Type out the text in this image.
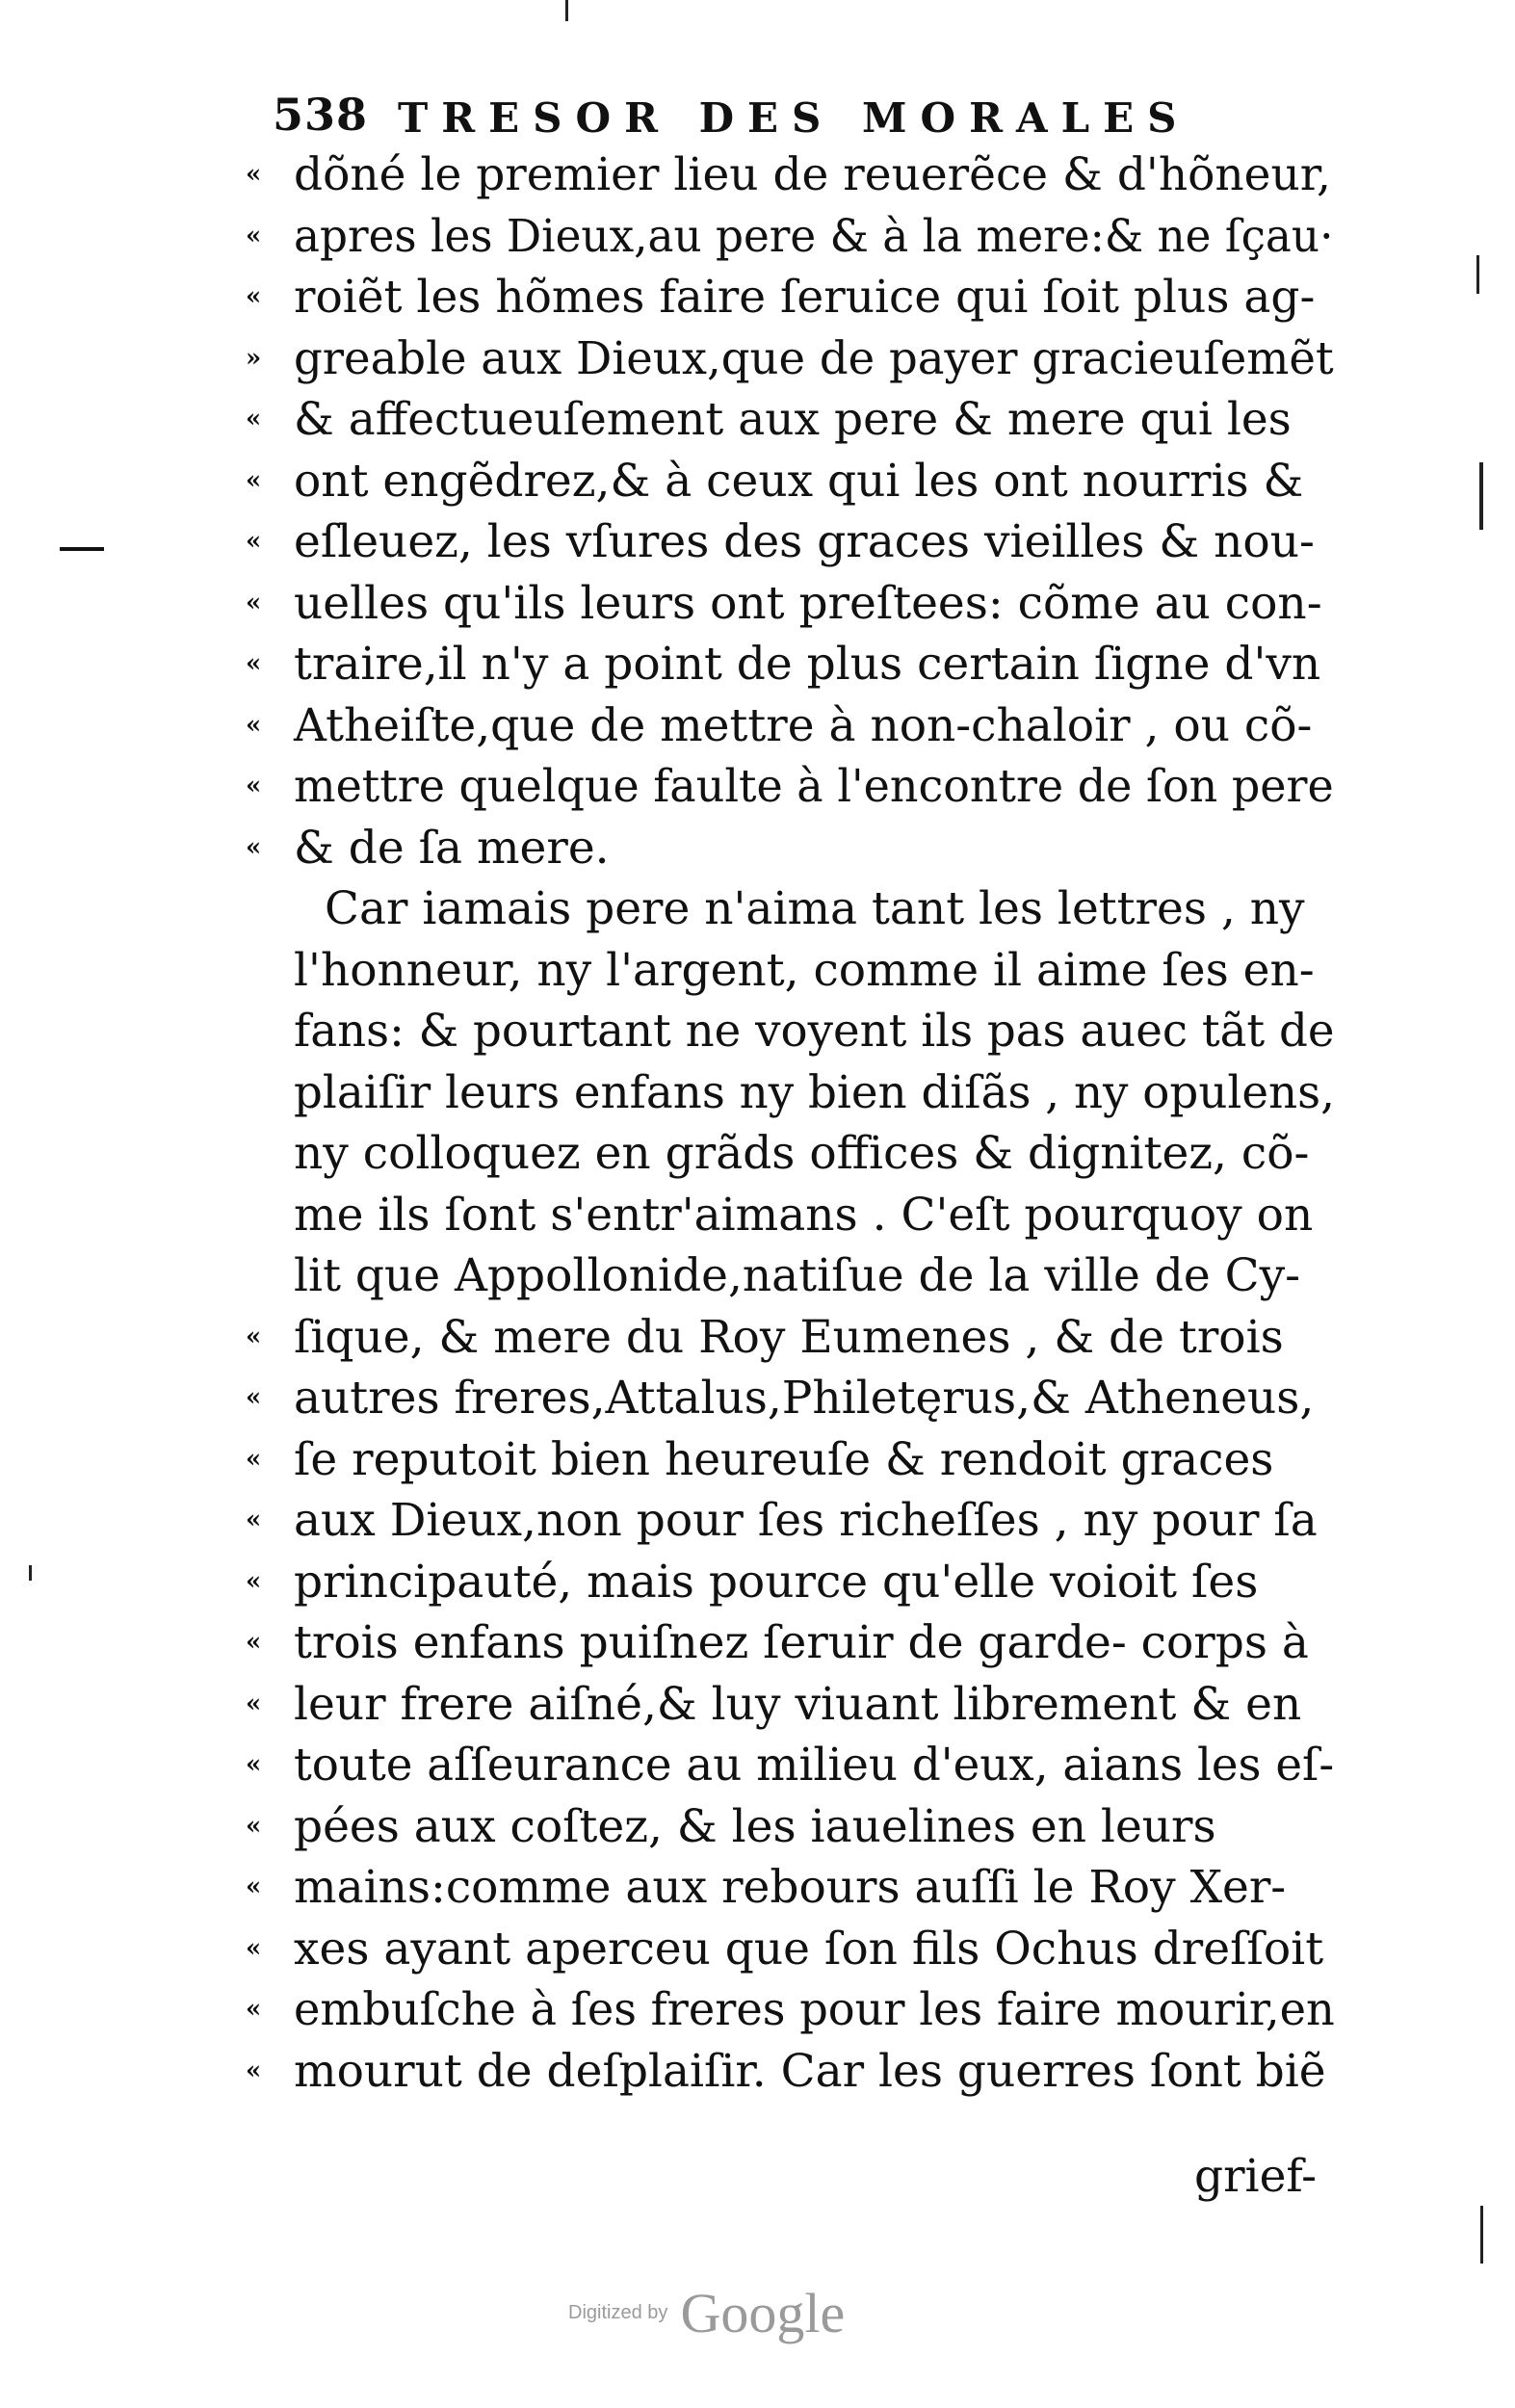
538 TRESOR DES MORALES
« dõné le premier lieu de reuerẽce & d'hõneur,
« apres les Dieux,au pere & à la mere:& ne ſçau·
« roiẽt les hõmes faire ſeruice qui ſoit plus ag-
» greable aux Dieux,que de payer gracieuſemẽt
« & affectueuſement aux pere & mere qui les
« ont engẽdrez,& à ceux qui les ont nourris &
« eſleuez, les vſures des graces vieilles & nou-
« uelles qu'ils leurs ont preſtees: cõme au con-
« traire,il n'y a point de plus certain ſigne d'vn
« Atheiſte,que de mettre à non-chaloir , ou cõ-
« mettre quelque faulte à l'encontre de ſon pere
« & de ſa mere.
Car iamais pere n'aima tant les lettres , ny
l'honneur, ny l'argent, comme il aime ſes en-
fans: & pourtant ne voyent ils pas auec tãt de
plaiſir leurs enfans ny bien diſãs , ny opulens,
ny colloquez en grãds offices & dignitez, cõ-
me ils ſont s'entr'aimans . C'eſt pourquoy on
lit que Appollonide,natiſue de la ville de Cy-
« ſique, & mere du Roy Eumenes , & de trois
« autres freres,Attalus,Philetęrus,& Atheneus,
« ſe reputoit bien heureuſe & rendoit graces
« aux Dieux,non pour ſes richeſſes , ny pour ſa
« principauté, mais pource qu'elle voioit ſes
« trois enfans puiſnez ſeruir de garde- corps à
« leur frere aiſné,& luy viuant librement & en
« toute aſſeurance au milieu d'eux, aians les eſ-
« pées aux coſtez, & les iauelines en leurs
« mains:comme aux rebours auſſi le Roy Xer-
« xes ayant aperceu que ſon fils Ochus dreſſoit
« embuſche à ſes freres pour les faire mourir,en
« mourut de deſplaiſir. Car les guerres ſont biẽ
grief-
Digitized by Google
